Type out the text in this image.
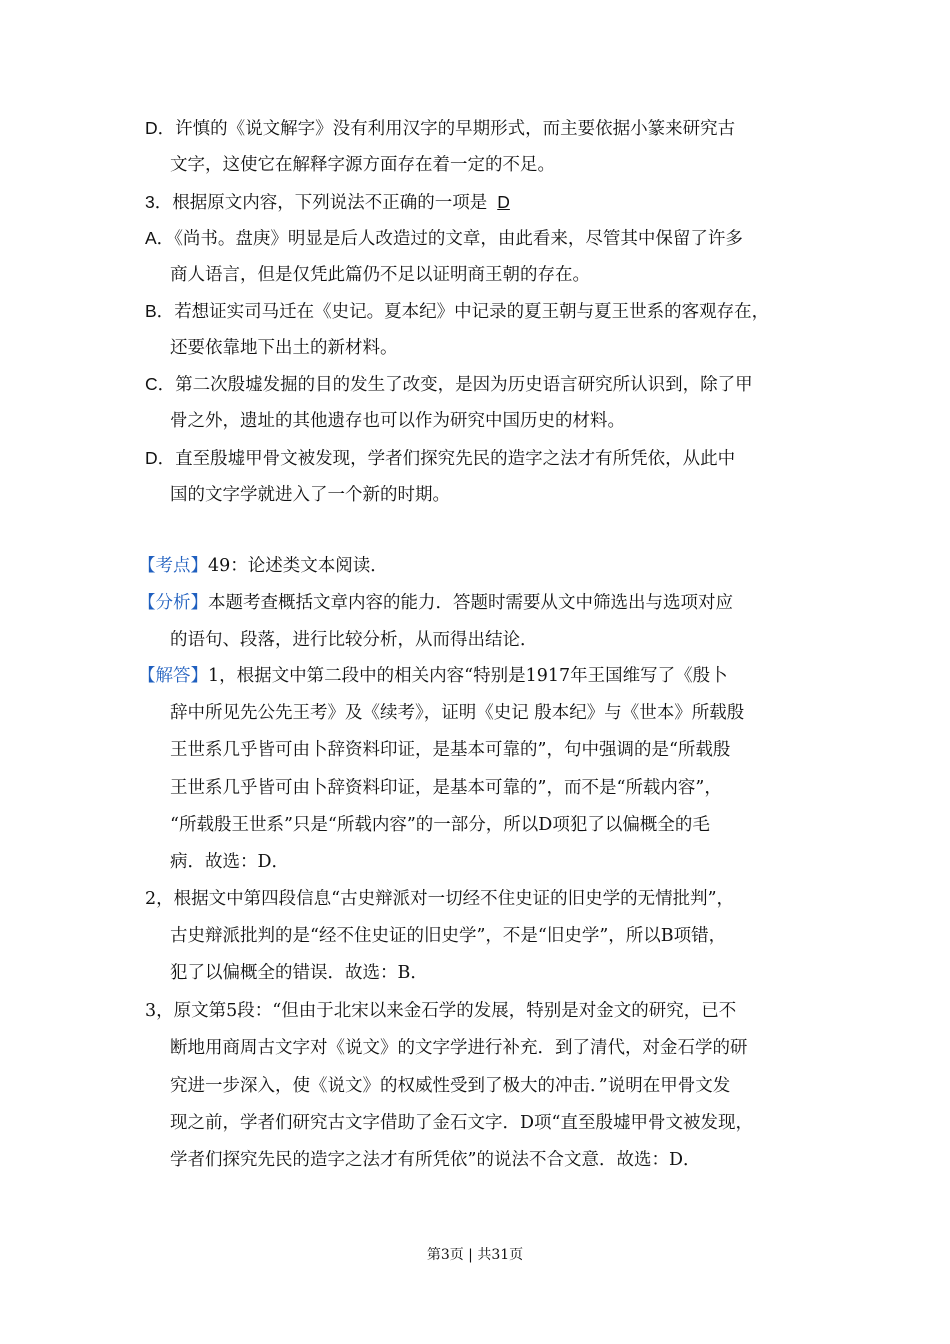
D．许慎的《说文解字》没有利用汉字的早期形式，而主要依据小篆来研究古
文字，这使它在解释字源方面存在着一定的不足。
3．根据原文内容，下列说法不正确的一项是 D
A．《尚书。盘庚》明显是后人改造过的文章，由此看来，尽管其中保留了许多
商人语言，但是仅凭此篇仍不足以证明商王朝的存在。
B．若想证实司马迁在《史记。夏本纪》中记录的夏王朝与夏王世系的客观存在，
还要依靠地下出土的新材料。
C．第二次殷墟发掘的目的发生了改变，是因为历史语言研究所认识到，除了甲
骨之外，遗址的其他遗存也可以作为研究中国历史的材料。
D．直至殷墟甲骨文被发现，学者们探究先民的造字之法才有所凭依，从此中
国的文字学就进入了一个新的时期。
【考点】49：论述类文本阅读．
【分析】本题考查概括文章内容的能力．答题时需要从文中筛选出与选项对应
的语句、段落，进行比较分析，从而得出结论．
【解答】1，根据文中第二段中的相关内容“特别是1917年王国维写了《殷卜
辞中所见先公先王考》及《续考》，证明《史记 殷本纪》与《世本》所载殷
王世系几乎皆可由卜辞资料印证，是基本可靠的”，句中强调的是“所载殷
王世系几乎皆可由卜辞资料印证，是基本可靠的”，而不是“所载内容”，
“所载殷王世系”只是“所载内容”的一部分，所以D项犯了以偏概全的毛
病．故选：D．
2，根据文中第四段信息“古史辩派对一切经不住史证的旧史学的无情批判”，
古史辩派批判的是“经不住史证的旧史学”，不是“旧史学”，所以B项错，
犯了以偏概全的错误．故选：B．
3，原文第5段：“但由于北宋以来金石学的发展，特别是对金文的研究，已不
断地用商周古文字对《说文》的文字学进行补充．到了清代，对金石学的研
究进一步深入，使《说文》的权威性受到了极大的冲击．”说明在甲骨文发
现之前，学者们研究古文字借助了金石文字．D项“直至殷墟甲骨文被发现，
学者们探究先民的造字之法才有所凭依”的说法不合文意．故选：D．
第3页 | 共31页
